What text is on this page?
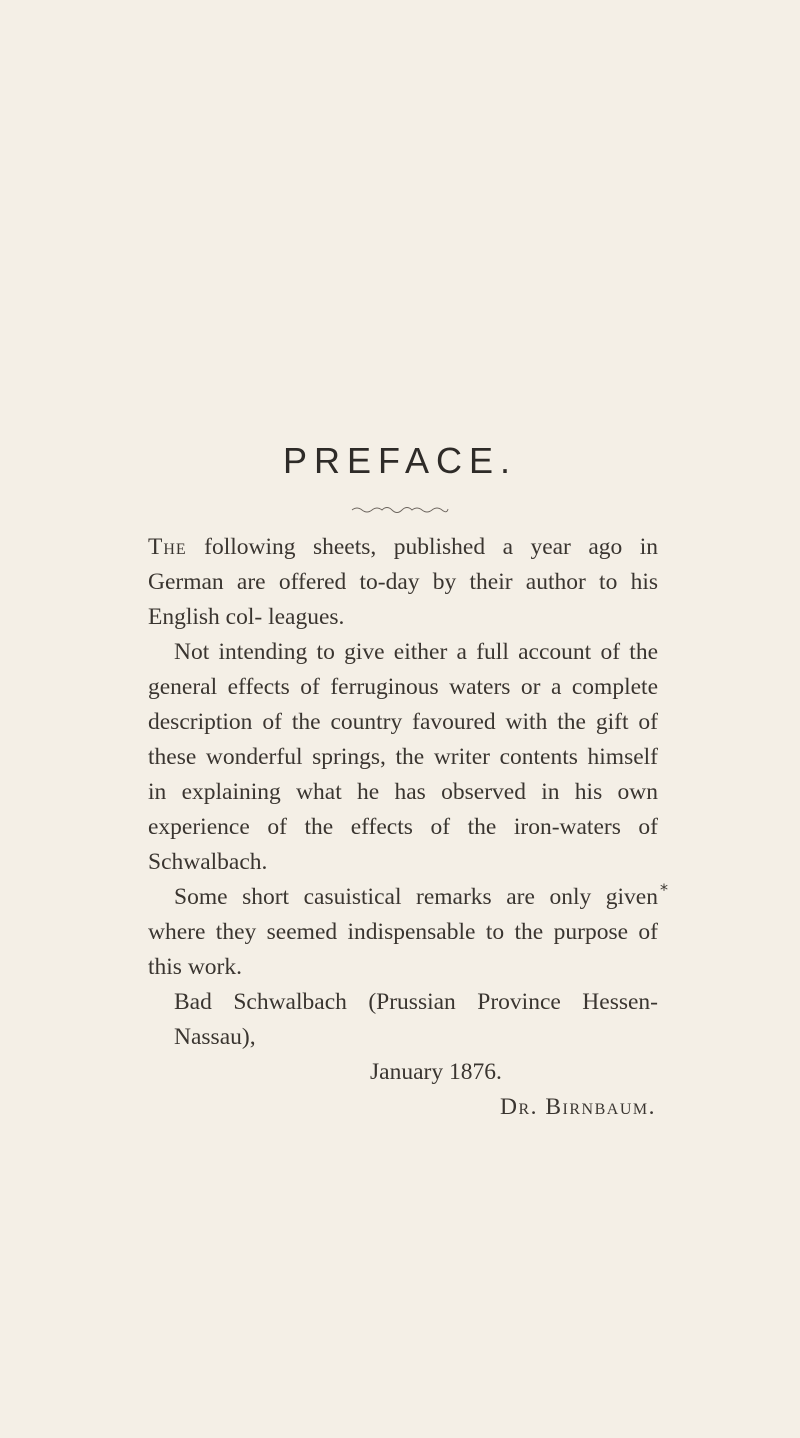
PREFACE.

The following sheets, published a year ago in German are offered to-day by their author to his English col- leagues.

Not intending to give either a full account of the general effects of ferruginous waters or a complete description of the country favoured with the gift of these wonderful springs, the writer contents himself in explaining what he has observed in his own experience of the effects of the iron-waters of Schwalbach.

Some short casuistical remarks are only given where they seemed indispensable to the purpose of this work.

Bad Schwalbach (Prussian Province Hessen-Nassau),
January 1876.
Dr. Birnbaum.
*
